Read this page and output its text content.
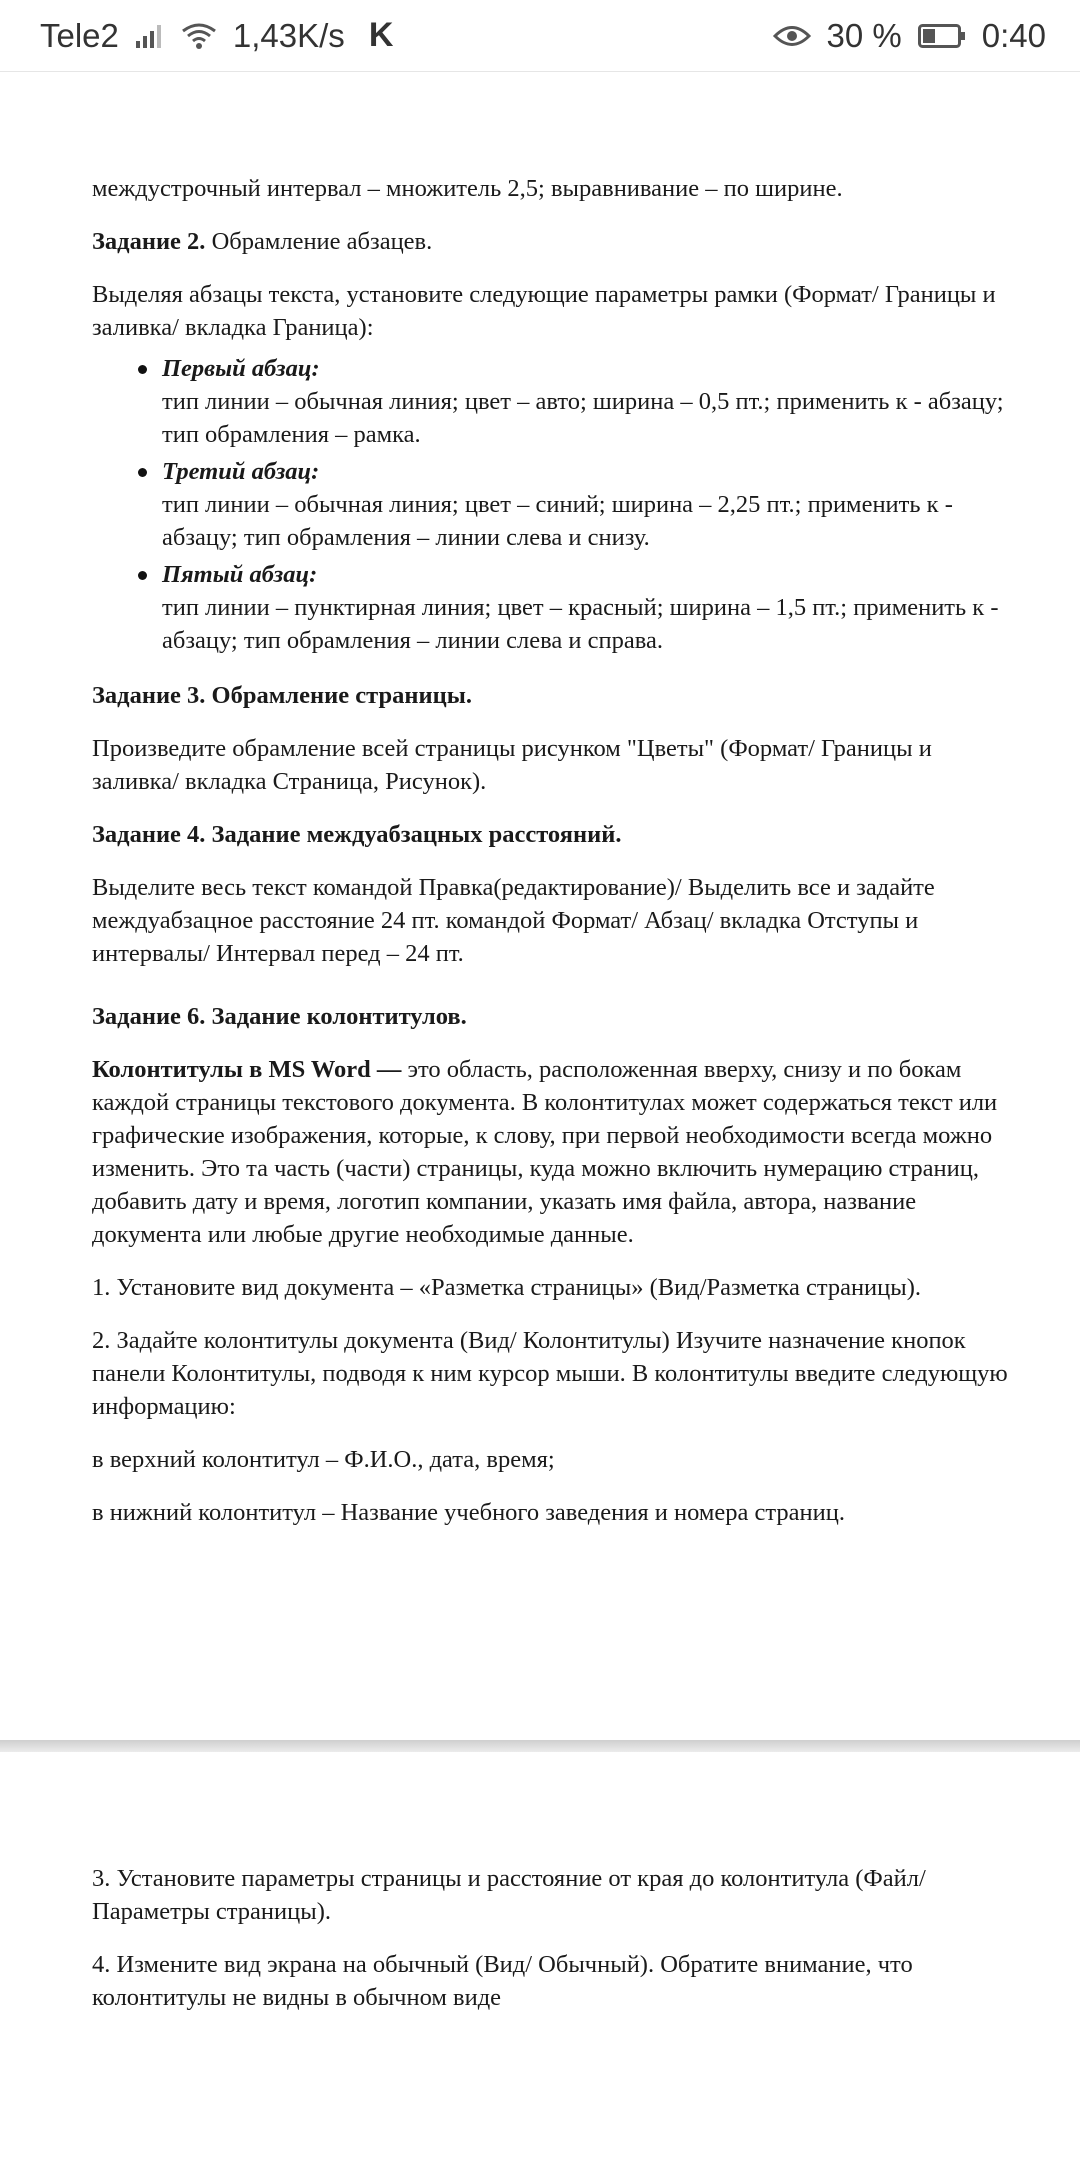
Tele2	1,43K/s K	30 % 0:40
междустрочный интервал – множитель 2,5; выравнивание – по ширине.
Задание 2. Обрамление абзацев.
Выделяя абзацы текста, установите следующие параметры рамки (Формат/ Границы и заливка/ вкладка Граница):
Первый абзац:
тип линии – обычная линия; цвет – авто; ширина – 0,5 пт.; применить к - абзацу; тип обрамления – рамка.
Третий абзац:
тип линии – обычная линия; цвет – синий; ширина – 2,25 пт.; применить к - абзацу; тип обрамления – линии слева и снизу.
Пятый абзац:
тип линии – пунктирная линия; цвет – красный; ширина – 1,5 пт.; применить к - абзацу; тип обрамления – линии слева и справа.
Задание 3. Обрамление страницы.
Произведите обрамление всей страницы рисунком "Цветы" (Формат/ Границы и заливка/ вкладка Страница, Рисунок).
Задание 4. Задание междуабзацных расстояний.
Выделите весь текст командой Правка(редактирование)/ Выделить все и задайте междуабзацное расстояние 24 пт. командой Формат/ Абзац/ вкладка Отступы и интервалы/ Интервал перед – 24 пт.
Задание 6. Задание колонтитулов.
Колонтитулы в MS Word — это область, расположенная вверху, снизу и по бокам каждой страницы текстового документа. В колонтитулах может содержаться текст или графические изображения, которые, к слову, при первой необходимости всегда можно изменить. Это та часть (части) страницы, куда можно включить нумерацию страниц, добавить дату и время, логотип компании, указать имя файла, автора, название документа или любые другие необходимые данные.
1. Установите вид документа – «Разметка страницы» (Вид/Разметка страницы).
2. Задайте колонтитулы документа (Вид/ Колонтитулы) Изучите назначение кнопок панели Колонтитулы, подводя к ним курсор мыши. В колонтитулы введите следующую информацию:
в верхний колонтитул – Ф.И.О., дата, время;
в нижний колонтитул – Название учебного заведения и номера страниц.
3. Установите параметры страницы и расстояние от края до колонтитула (Файл/ Параметры страницы).
4. Измените вид экрана на обычный (Вид/ Обычный). Обратите внимание, что колонтитулы не видны в обычном виде
